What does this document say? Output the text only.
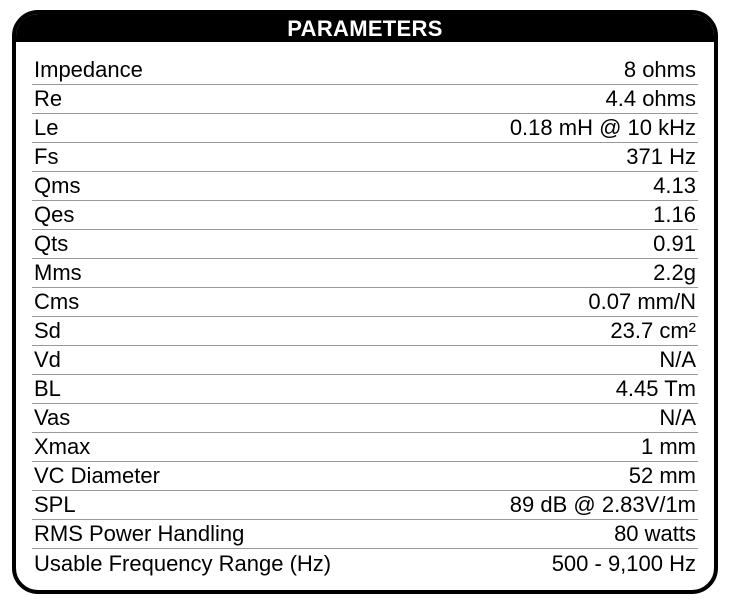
PARAMETERS
Impedance	8 ohms
Re	4.4 ohms
Le	0.18 mH @ 10 kHz
Fs	371 Hz
Qms	4.13
Qes	1.16
Qts	0.91
Mms	2.2g
Cms	0.07 mm/N
Sd	23.7 cm²
Vd	N/A
BL	4.45 Tm
Vas	N/A
Xmax	1 mm
VC Diameter	52 mm
SPL	89 dB @ 2.83V/1m
RMS Power Handling	80 watts
Usable Frequency Range (Hz)	500 - 9,100 Hz
